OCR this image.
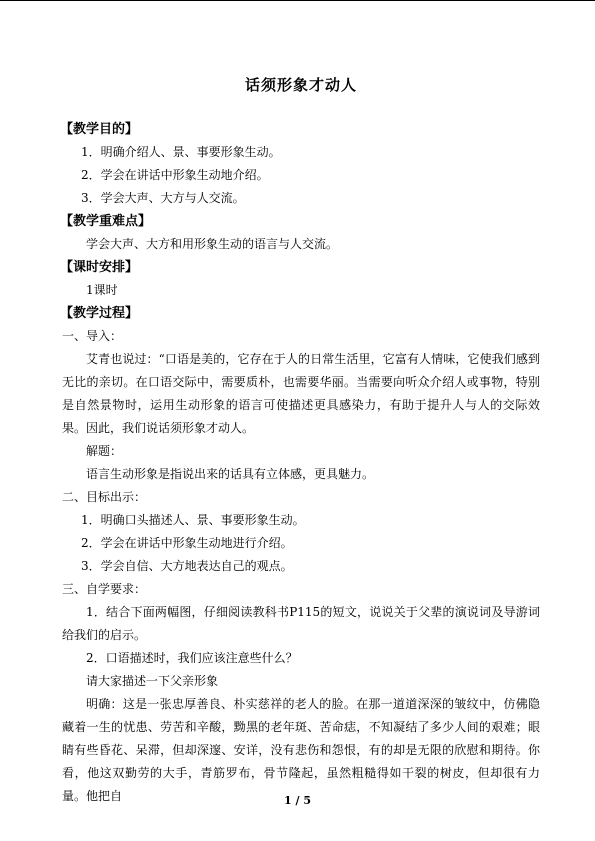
话须形象才动人
【教学目的】

1．明确介绍人、景、事要形象生动。

2．学会在讲话中形象生动地介绍。

3．学会大声、大方与人交流。

【教学重难点】

学会大声、大方和用形象生动的语言与人交流。

【课时安排】

1课时

【教学过程】

一、导入：

艾青也说过：“口语是美的，它存在于人的日常生活里，它富有人情味，它使我们感到无比的亲切。在口语交际中，需要质朴，也需要华丽。当需要向听众介绍人或事物，特别是自然景物时，运用生动形象的语言可使描述更具感染力，有助于提升人与人的交际效果。因此，我们说话须形象才动人。

解题：

语言生动形象是指说出来的话具有立体感，更具魅力。

二、目标出示：

1．明确口头描述人、景、事要形象生动。

2．学会在讲话中形象生动地进行介绍。

3．学会自信、大方地表达自己的观点。

三、自学要求：

1．结合下面两幅图，仔细阅读教科书P115的短文，说说关于父辈的演说词及导游词给我们的启示。

2．口语描述时，我们应该注意些什么？

请大家描述一下父亲形象

明确：这是一张忠厚善良、朴实慈祥的老人的脸。在那一道道深深的皱纹中，仿佛隐藏着一生的忧患、劳苦和辛酸，黝黑的老年斑、苦命痣，不知凝结了多少人间的艰难；眼睛有些昏花、呆滞，但却深邃、安详，没有悲伤和怨恨，有的却是无限的欣慰和期待。你看，他这双勤劳的大手，青筋罗布，骨节隆起，虽然粗糙得如干裂的树皮，但却很有力量。他把自	1 / 5
